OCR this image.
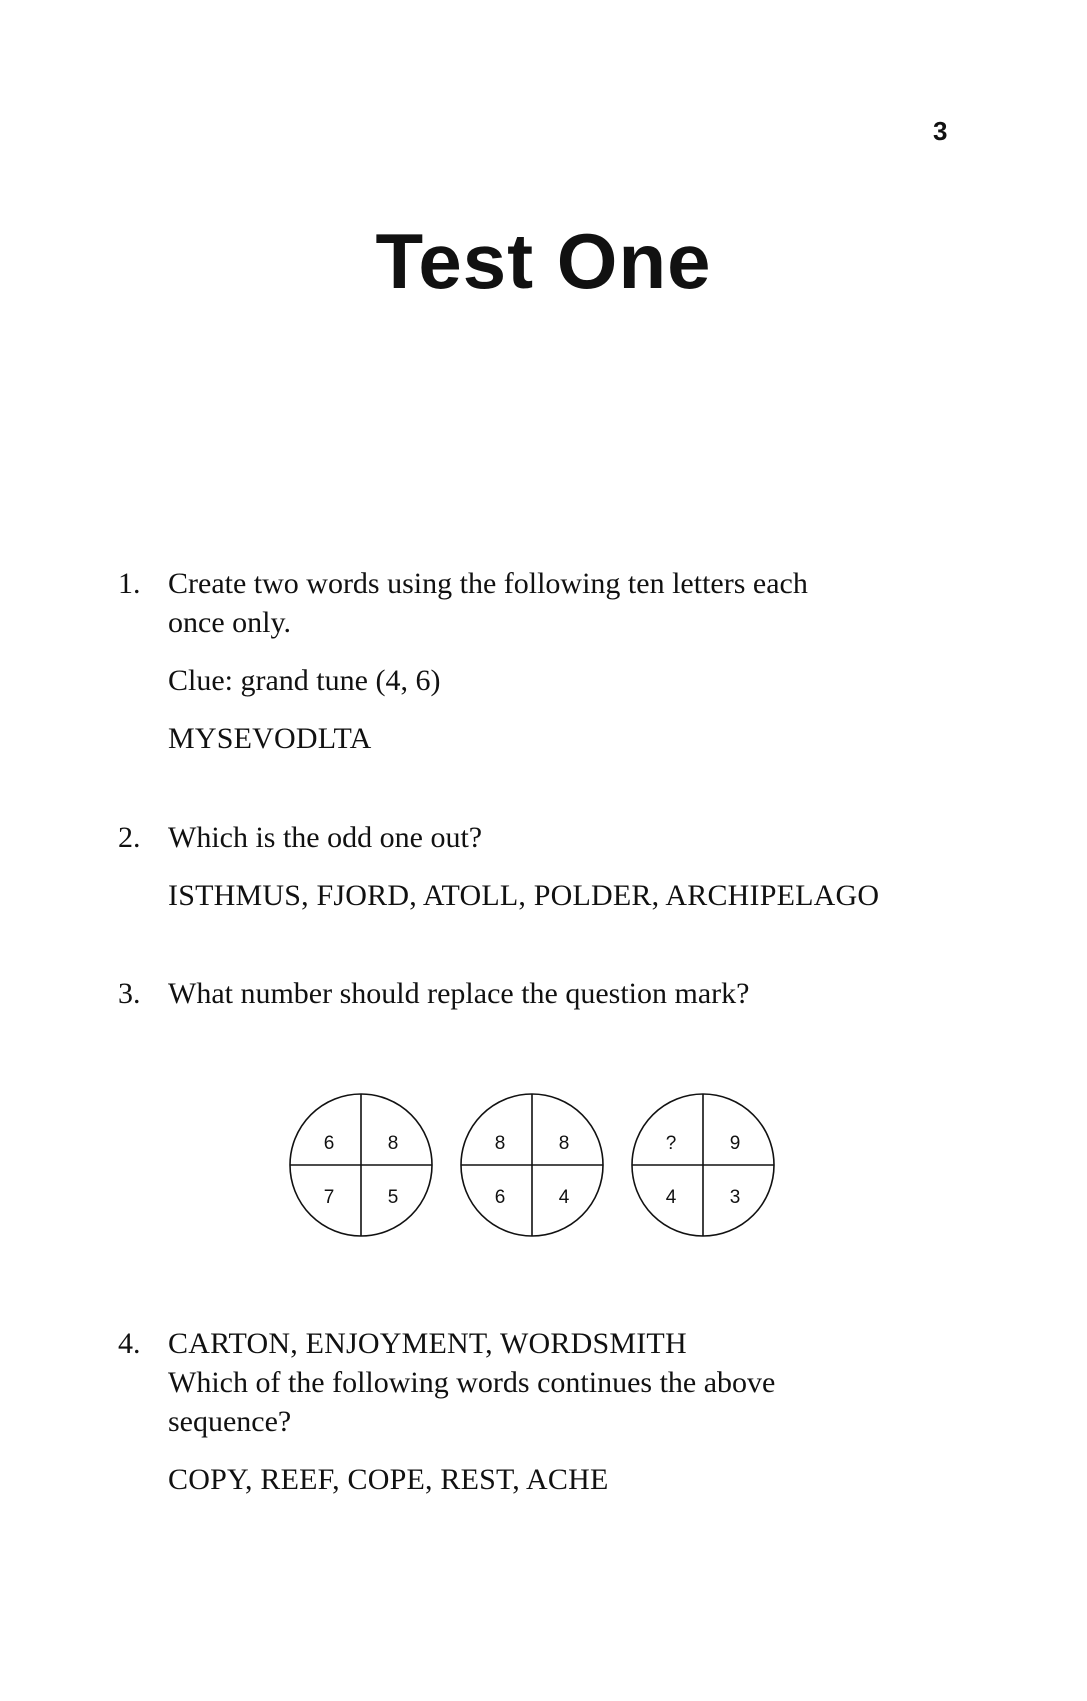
3
Test One
1. Create two words using the following ten letters each
once only.
Clue: grand tune (4, 6)
MYSEVODLTA
2. Which is the odd one out?
ISTHMUS, FJORD, ATOLL, POLDER, ARCHIPELAGO
3. What number should replace the question mark?
6	8
7	5
8	8
6	4
?	9
4	3
4. CARTON, ENJOYMENT, WORDSMITH
Which of the following words continues the above
sequence?
COPY, REEF, COPE, REST, ACHE
